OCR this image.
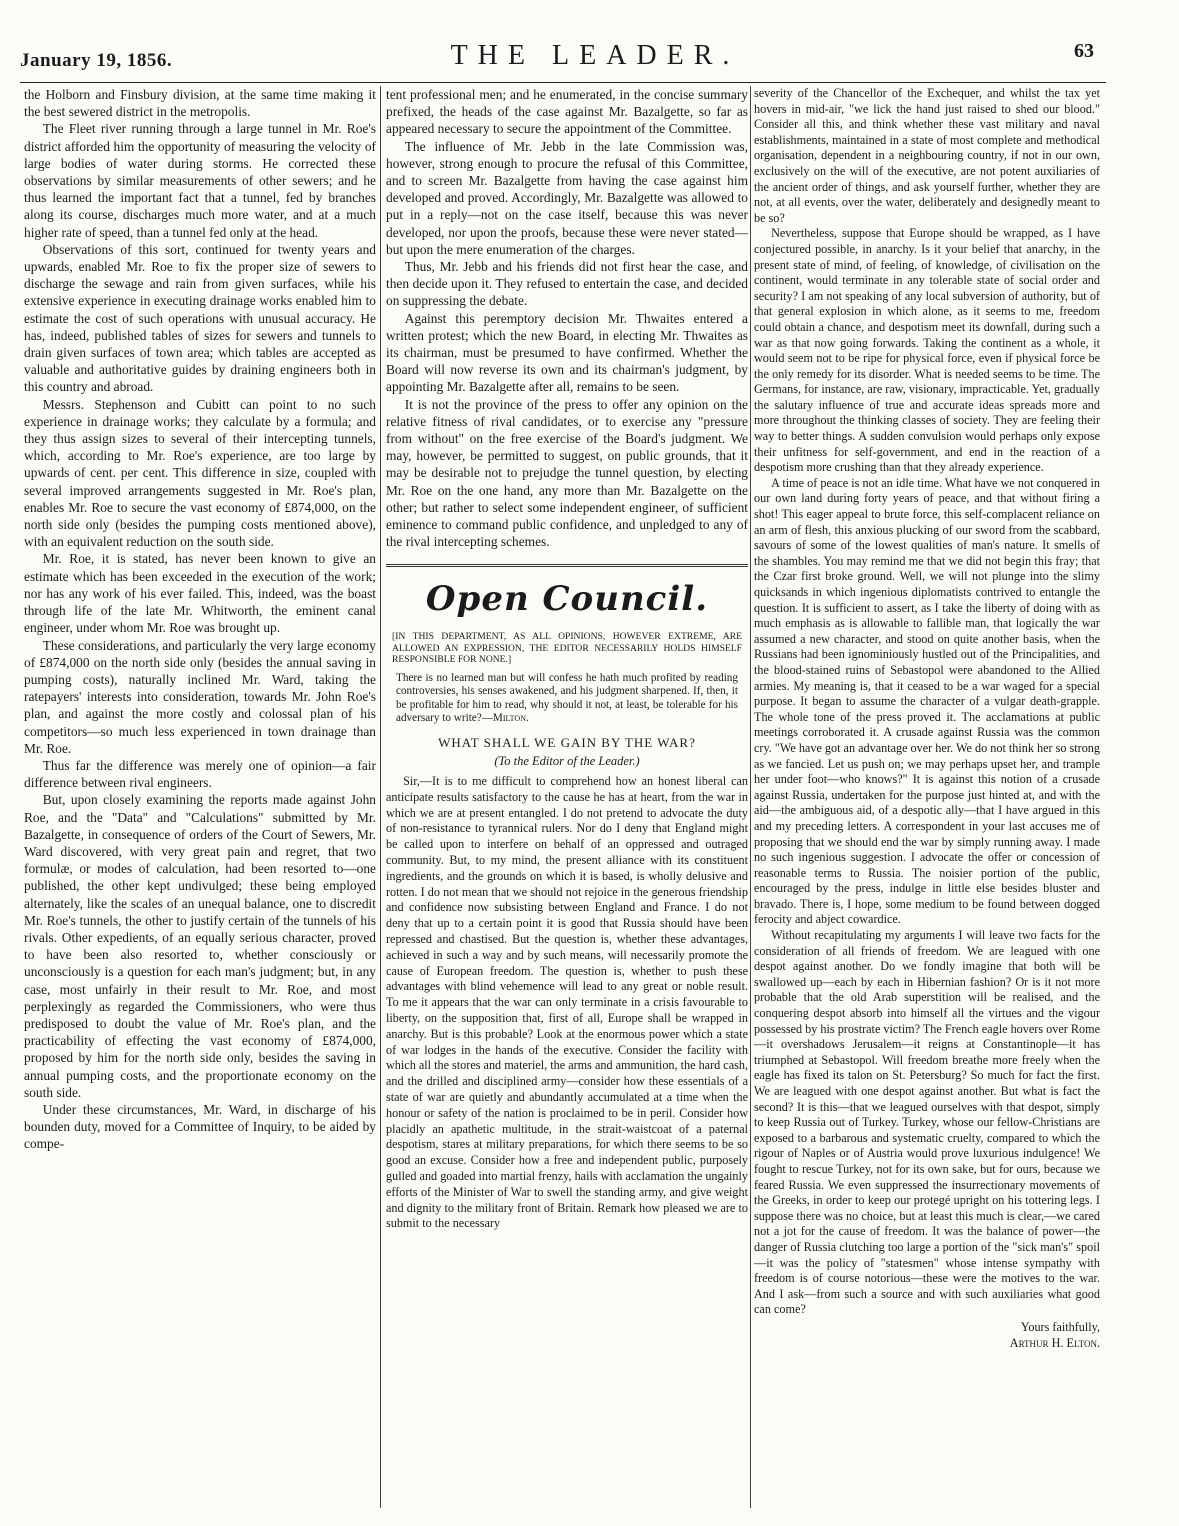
January 19, 1856.	THE LEADER.	63

the Holborn and Finsbury division, at the same time making it the best sewered district in the metropolis.

The Fleet river running through a large tunnel in Mr. Roe's district afforded him the opportunity of measuring the velocity of large bodies of water during storms. He corrected these observations by similar measurements of other sewers; and he thus learned the important fact that a tunnel, fed by branches along its course, discharges much more water, and at a much higher rate of speed, than a tunnel fed only at the head.

Observations of this sort, continued for twenty years and upwards, enabled Mr. Roe to fix the proper size of sewers to discharge the sewage and rain from given surfaces, while his extensive experience in executing drainage works enabled him to estimate the cost of such operations with unusual accuracy. He has, indeed, published tables of sizes for sewers and tunnels to drain given surfaces of town area; which tables are accepted as valuable and authoritative guides by draining engineers both in this country and abroad.

Messrs. Stephenson and Cubitt can point to no such experience in drainage works; they calculate by a formula; and they thus assign sizes to several of their intercepting tunnels, which, according to Mr. Roe's experience, are too large by upwards of cent. per cent. This difference in size, coupled with several improved arrangements suggested in Mr. Roe's plan, enables Mr. Roe to secure the vast economy of £874,000, on the north side only (besides the pumping costs mentioned above), with an equivalent reduction on the south side.

Mr. Roe, it is stated, has never been known to give an estimate which has been exceeded in the execution of the work; nor has any work of his ever failed. This, indeed, was the boast through life of the late Mr. Whitworth, the eminent canal engineer, under whom Mr. Roe was brought up.

These considerations, and particularly the very large economy of £874,000 on the north side only (besides the annual saving in pumping costs), naturally inclined Mr. Ward, taking the ratepayers' interests into consideration, towards Mr. John Roe's plan, and against the more costly and colossal plan of his competitors—so much less experienced in town drainage than Mr. Roe.

Thus far the difference was merely one of opinion—a fair difference between rival engineers.

But, upon closely examining the reports made against John Roe, and the "Data" and "Calculations" submitted by Mr. Bazalgette, in consequence of orders of the Court of Sewers, Mr. Ward discovered, with very great pain and regret, that two formulæ, or modes of calculation, had been resorted to—one published, the other kept undivulged; these being employed alternately, like the scales of an unequal balance, one to discredit Mr. Roe's tunnels, the other to justify certain of the tunnels of his rivals. Other expedients, of an equally serious character, proved to have been also resorted to, whether consciously or unconsciously is a question for each man's judgment; but, in any case, most unfairly in their result to Mr. Roe, and most perplexingly as regarded the Commissioners, who were thus predisposed to doubt the value of Mr. Roe's plan, and the practicability of effecting the vast economy of £874,000, proposed by him for the north side only, besides the saving in annual pumping costs, and the proportionate economy on the south side.

Under these circumstances, Mr. Ward, in discharge of his bounden duty, moved for a Committee of Inquiry, to be aided by compe-

tent professional men; and he enumerated, in the concise summary prefixed, the heads of the case against Mr. Bazalgette, so far as appeared necessary to secure the appointment of the Committee.

The influence of Mr. Jebb in the late Commission was, however, strong enough to procure the refusal of this Committee, and to screen Mr. Bazalgette from having the case against him developed and proved. Accordingly, Mr. Bazalgette was allowed to put in a reply—not on the case itself, because this was never developed, nor upon the proofs, because these were never stated—but upon the mere enumeration of the charges.

Thus, Mr. Jebb and his friends did not first hear the case, and then decide upon it. They refused to entertain the case, and decided on suppressing the debate.

Against this peremptory decision Mr. Thwaites entered a written protest; which the new Board, in electing Mr. Thwaites as its chairman, must be presumed to have confirmed. Whether the Board will now reverse its own and its chairman's judgment, by appointing Mr. Bazalgette after all, remains to be seen.

It is not the province of the press to offer any opinion on the relative fitness of rival candidates, or to exercise any "pressure from without" on the free exercise of the Board's judgment. We may, however, be permitted to suggest, on public grounds, that it may be desirable not to prejudge the tunnel question, by electing Mr. Roe on the one hand, any more than Mr. Bazalgette on the other; but rather to select some independent engineer, of sufficient eminence to command public confidence, and unpledged to any of the rival intercepting schemes.

Open Council.
[IN THIS DEPARTMENT, AS ALL OPINIONS, HOWEVER EXTREME, ARE ALLOWED AN EXPRESSION, THE EDITOR NECESSARILY HOLDS HIMSELF RESPONSIBLE FOR NONE.]
There is no learned man but will confess he hath much profited by reading controversies, his senses awakened, and his judgment sharpened. If, then, it be profitable for him to read, why should it not, at least, be tolerable for his adversary to write?—Milton.
WHAT SHALL WE GAIN BY THE WAR?
(To the Editor of the Leader.)

Sir,—It is to me difficult to comprehend how an honest liberal can anticipate results satisfactory to the cause he has at heart, from the war in which we are at present entangled. I do not pretend to advocate the duty of non-resistance to tyrannical rulers. Nor do I deny that England might be called upon to interfere on behalf of an oppressed and outraged community. But, to my mind, the present alliance with its constituent ingredients, and the grounds on which it is based, is wholly delusive and rotten. I do not mean that we should not rejoice in the generous friendship and confidence now subsisting between England and France. I do not deny that up to a certain point it is good that Russia should have been repressed and chastised. But the question is, whether these advantages, achieved in such a way and by such means, will necessarily promote the cause of European freedom. The question is, whether to push these advantages with blind vehemence will lead to any great or noble result. To me it appears that the war can only terminate in a crisis favourable to liberty, on the supposition that, first of all, Europe shall be wrapped in anarchy. But is this probable? Look at the enormous power which a state of war lodges in the hands of the executive. Consider the facility with which all the stores and materiel, the arms and ammunition, the hard cash, and the drilled and disciplined army—consider how these essentials of a state of war are quietly and abundantly accumulated at a time when the honour or safety of the nation is proclaimed to be in peril. Consider how placidly an apathetic multitude, in the strait-waistcoat of a paternal despotism, stares at military preparations, for which there seems to be so good an excuse. Consider how a free and independent public, purposely gulled and goaded into martial frenzy, hails with acclamation the ungainly efforts of the Minister of War to swell the standing army, and give weight and dignity to the military front of Britain. Remark how pleased we are to submit to the necessary

severity of the Chancellor of the Exchequer, and whilst the tax yet hovers in mid-air, "we lick the hand just raised to shed our blood." Consider all this, and think whether these vast military and naval establishments, maintained in a state of most complete and methodical organisation, dependent in a neighbouring country, if not in our own, exclusively on the will of the executive, are not potent auxiliaries of the ancient order of things, and ask yourself further, whether they are not, at all events, over the water, deliberately and designedly meant to be so?

Nevertheless, suppose that Europe should be wrapped, as I have conjectured possible, in anarchy. Is it your belief that anarchy, in the present state of mind, of feeling, of knowledge, of civilisation on the continent, would terminate in any tolerable state of social order and security? I am not speaking of any local subversion of authority, but of that general explosion in which alone, as it seems to me, freedom could obtain a chance, and despotism meet its downfall, during such a war as that now going forwards. Taking the continent as a whole, it would seem not to be ripe for physical force, even if physical force be the only remedy for its disorder. What is needed seems to be time. The Germans, for instance, are raw, visionary, impracticable. Yet, gradually the salutary influence of true and accurate ideas spreads more and more throughout the thinking classes of society. They are feeling their way to better things. A sudden convulsion would perhaps only expose their unfitness for self-government, and end in the reaction of a despotism more crushing than that they already experience.

A time of peace is not an idle time. What have we not conquered in our own land during forty years of peace, and that without firing a shot! This eager appeal to brute force, this self-complacent reliance on an arm of flesh, this anxious plucking of our sword from the scabbard, savours of some of the lowest qualities of man's nature. It smells of the shambles. You may remind me that we did not begin this fray; that the Czar first broke ground. Well, we will not plunge into the slimy quicksands in which ingenious diplomatists contrived to entangle the question. It is sufficient to assert, as I take the liberty of doing with as much emphasis as is allowable to fallible man, that logically the war assumed a new character, and stood on quite another basis, when the Russians had been ignominiously hustled out of the Principalities, and the blood-stained ruins of Sebastopol were abandoned to the Allied armies. My meaning is, that it ceased to be a war waged for a special purpose. It began to assume the character of a vulgar death-grapple. The whole tone of the press proved it. The acclamations at public meetings corroborated it. A crusade against Russia was the common cry. "We have got an advantage over her. We do not think her so strong as we fancied. Let us push on; we may perhaps upset her, and trample her under foot—who knows?" It is against this notion of a crusade against Russia, undertaken for the purpose just hinted at, and with the aid—the ambiguous aid, of a despotic ally—that I have argued in this and my preceding letters. A correspondent in your last accuses me of proposing that we should end the war by simply running away. I made no such ingenious suggestion. I advocate the offer or concession of reasonable terms to Russia. The noisier portion of the public, encouraged by the press, indulge in little else besides bluster and bravado. There is, I hope, some medium to be found between dogged ferocity and abject cowardice.

Without recapitulating my arguments I will leave two facts for the consideration of all friends of freedom. We are leagued with one despot against another. Do we fondly imagine that both will be swallowed up—each by each in Hibernian fashion? Or is it not more probable that the old Arab superstition will be realised, and the conquering despot absorb into himself all the virtues and the vigour possessed by his prostrate victim? The French eagle hovers over Rome—it overshadows Jerusalem—it reigns at Constantinople—it has triumphed at Sebastopol. Will freedom breathe more freely when the eagle has fixed its talon on St. Petersburg? So much for fact the first. We are leagued with one despot against another. But what is fact the second? It is this—that we leagued ourselves with that despot, simply to keep Russia out of Turkey. Turkey, whose our fellow-Christians are exposed to a barbarous and systematic cruelty, compared to which the rigour of Naples or of Austria would prove luxurious indulgence! We fought to rescue Turkey, not for its own sake, but for ours, because we feared Russia. We even suppressed the insurrectionary movements of the Greeks, in order to keep our protegé upright on his tottering legs. I suppose there was no choice, but at least this much is clear,—we cared not a jot for the cause of freedom. It was the balance of power—the danger of Russia clutching too large a portion of the "sick man's" spoil—it was the policy of "statesmen" whose intense sympathy with freedom is of course notorious—these were the motives to the war. And I ask—from such a source and with such auxiliaries what good can come?

Yours faithfully,
Arthur H. Elton.
